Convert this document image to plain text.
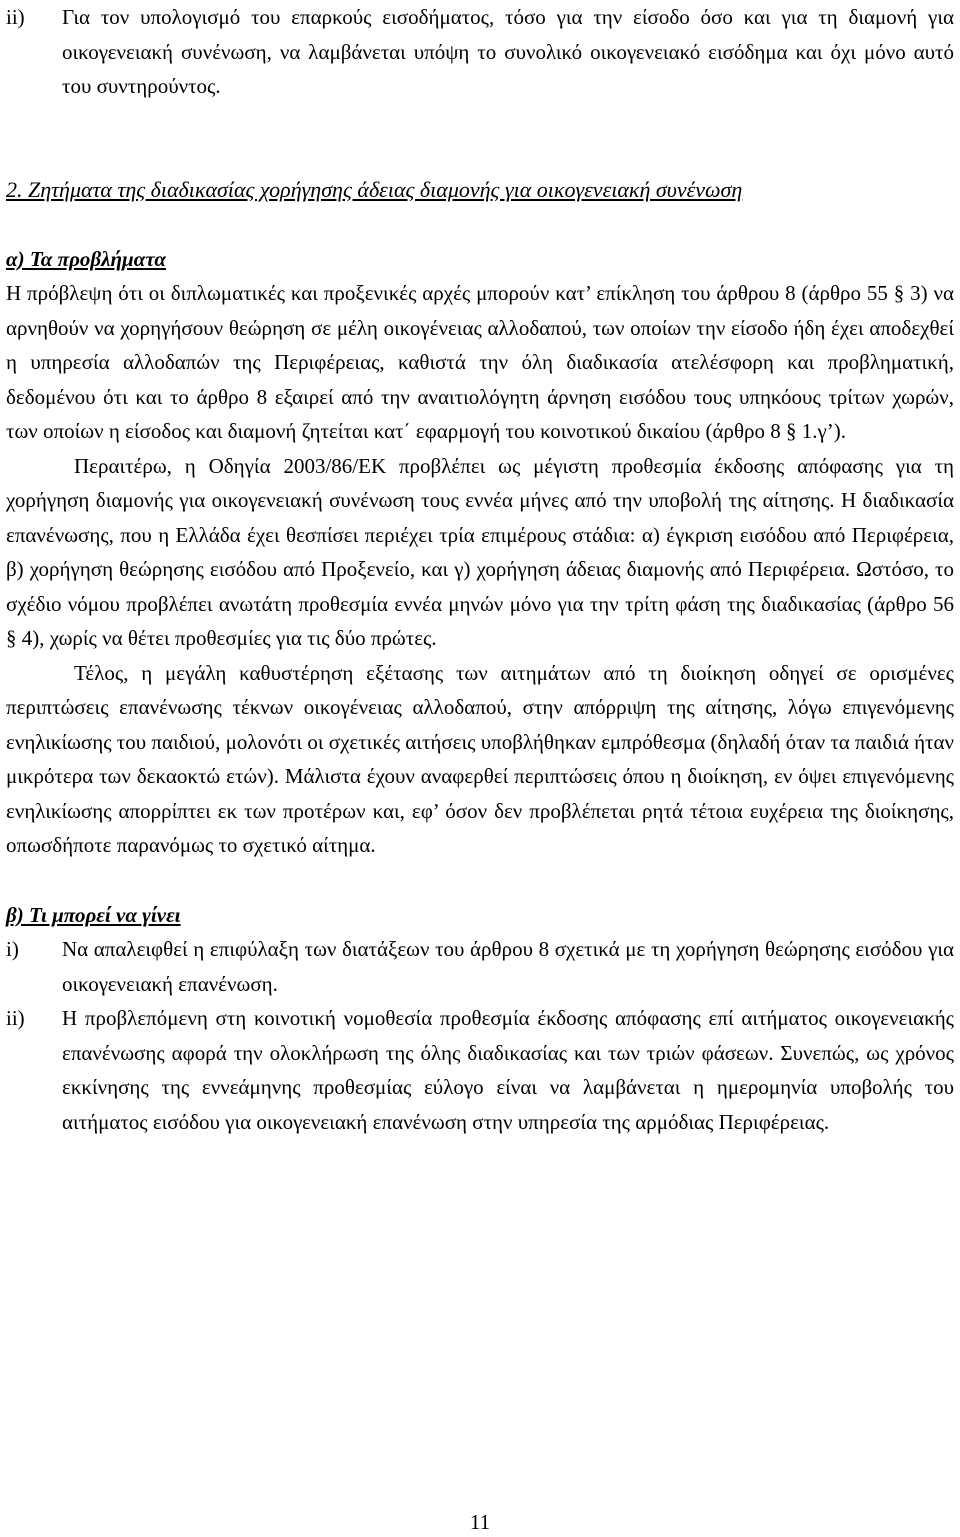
ii)	Για τον υπολογισμό του επαρκούς εισοδήματος, τόσο για την είσοδο όσο και για τη διαμονή για οικογενειακή συνένωση, να λαμβάνεται υπόψη το συνολικό οικογενειακό εισόδημα και όχι μόνο αυτό του συντηρούντος.
2. Ζητήματα της διαδικασίας χορήγησης άδειας διαμονής για οικογενειακή συνένωση
α) Τα προβλήματα

Η πρόβλεψη ότι οι διπλωματικές και προξενικές αρχές μπορούν κατ’ επίκληση του άρθρου 8 (άρθρο 55 § 3) να αρνηθούν να χορηγήσουν θεώρηση σε μέλη οικογένειας αλλοδαπού, των οποίων την είσοδο ήδη έχει αποδεχθεί η υπηρεσία αλλοδαπών της Περιφέρειας, καθιστά την όλη διαδικασία ατελέσφορη και προβληματική, δεδομένου ότι και το άρθρο 8 εξαιρεί από την αναιτιολόγητη άρνηση εισόδου τους υπηκόους τρίτων χωρών, των οποίων η είσοδος και διαμονή ζητείται κατ΄ εφαρμογή του κοινοτικού δικαίου (άρθρο 8 § 1.γ’).

Περαιτέρω, η Οδηγία 2003/86/ΕΚ προβλέπει ως μέγιστη προθεσμία έκδοσης απόφασης για τη χορήγηση διαμονής για οικογενειακή συνένωση τους εννέα μήνες από την υποβολή της αίτησης. Η διαδικασία επανένωσης, που η Ελλάδα έχει θεσπίσει περιέχει τρία επιμέρους στάδια: α) έγκριση εισόδου από Περιφέρεια, β) χορήγηση θεώρησης εισόδου από Προξενείο, και γ) χορήγηση άδειας διαμονής από Περιφέρεια. Ωστόσο, το σχέδιο νόμου προβλέπει ανωτάτη προθεσμία εννέα μηνών μόνο για την τρίτη φάση της διαδικασίας (άρθρο 56 § 4), χωρίς να θέτει προθεσμίες για τις δύο πρώτες.

Τέλος, η μεγάλη καθυστέρηση εξέτασης των αιτημάτων από τη διοίκηση οδηγεί σε ορισμένες περιπτώσεις επανένωσης τέκνων οικογένειας αλλοδαπού, στην απόρριψη της αίτησης, λόγω επιγενόμενης ενηλικίωσης του παιδιού, μολονότι οι σχετικές αιτήσεις υποβλήθηκαν εμπρόθεσμα (δηλαδή όταν τα παιδιά ήταν μικρότερα των δεκαοκτώ ετών). Μάλιστα έχουν αναφερθεί περιπτώσεις όπου η διοίκηση, εν όψει επιγενόμενης ενηλικίωσης απορρίπτει εκ των προτέρων και, εφ’ όσον δεν προβλέπεται ρητά τέτοια ευχέρεια της διοίκησης, οπωσδήποτε παρανόμως το σχετικό αίτημα.

β) Τι μπορεί να γίνει
i)	Να απαλειφθεί η επιφύλαξη των διατάξεων του άρθρου 8 σχετικά με τη χορήγηση θεώρησης εισόδου για οικογενειακή επανένωση.
ii)	Η προβλεπόμενη στη κοινοτική νομοθεσία προθεσμία έκδοσης απόφασης επί αιτήματος οικογενειακής επανένωσης αφορά την ολοκλήρωση της όλης διαδικασίας και των τριών φάσεων. Συνεπώς, ως χρόνος εκκίνησης της εννεάμηνης προθεσμίας εύλογο είναι να λαμβάνεται η ημερομηνία υποβολής του αιτήματος εισόδου για οικογενειακή επανένωση στην υπηρεσία της αρμόδιας Περιφέρειας.
11
